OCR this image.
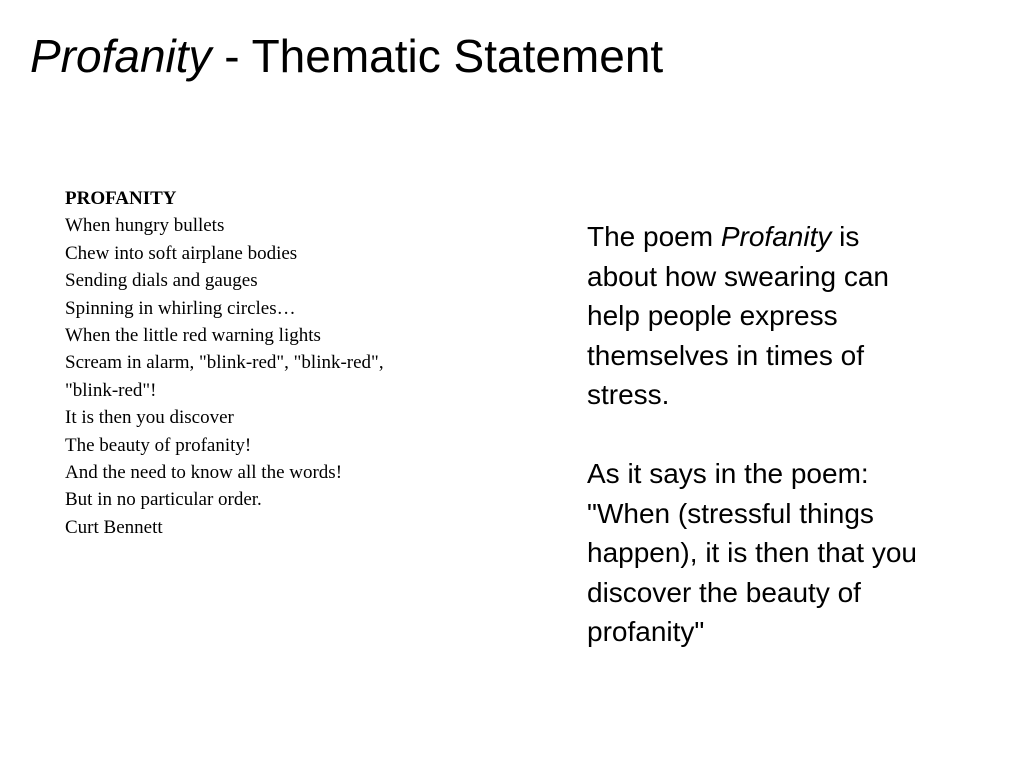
Profanity - Thematic Statement
PROFANITY
When hungry bullets
Chew into soft airplane bodies
Sending dials and gauges
Spinning in whirling circles…
When the little red warning lights
Scream in alarm, "blink-red", "blink-red",
"blink-red"!
It is then you discover
The beauty of profanity!
And the need to know all the words!
But in no particular order.
Curt Bennett

The poem Profanity is
about how swearing can
help people express
themselves in times of
stress.

As it says in the poem:
"When (stressful things
happen), it is then that you
discover the beauty of
profanity"
